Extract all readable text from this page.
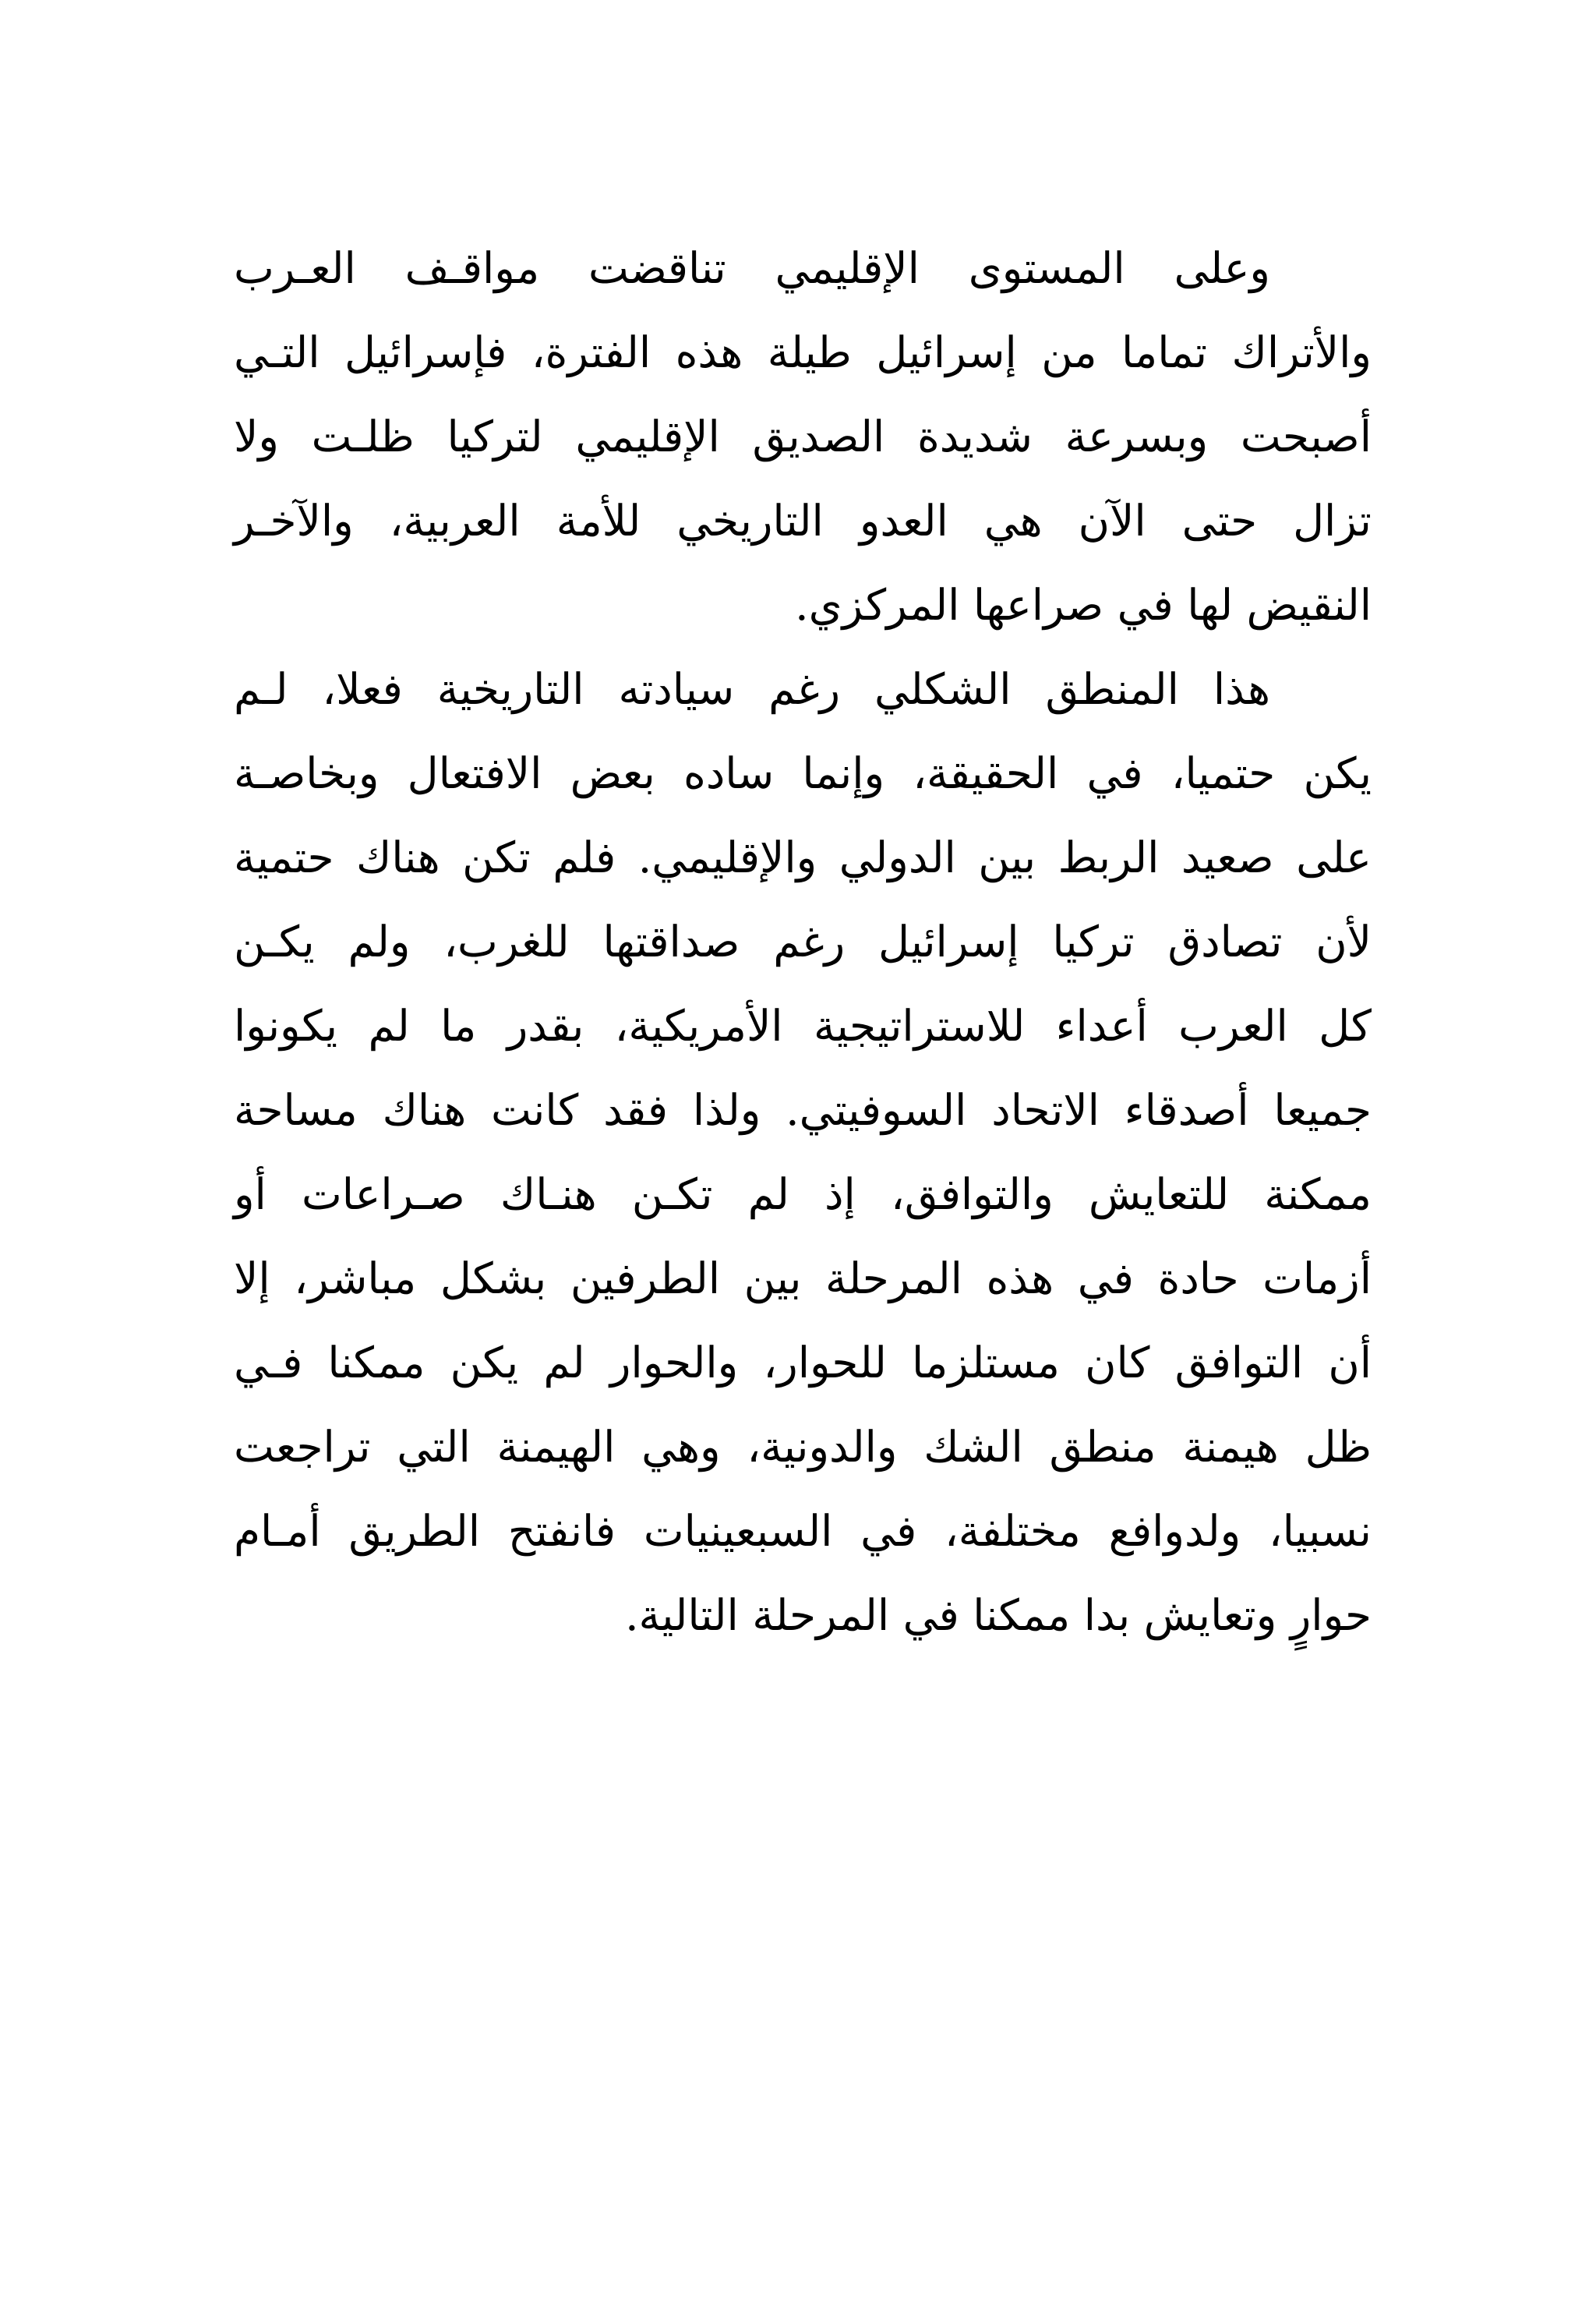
وعلى المستوى الإقليمي تناقضت مواقـف العـرب
والأتراك تماما من إسرائيل طيلة هذه الفترة، فإسرائيل التـي
أصبحت وبسرعة شديدة الصديق الإقليمي لتركيا ظلـت ولا
تزال حتى الآن هي العدو التاريخي للأمة العربية، والآخـر
النقيض لها في صراعها المركزي.
هذا المنطق الشكلي رغم سيادته التاريخية فعلا، لـم
يكن حتميا، في الحقيقة، وإنما ساده بعض الافتعال وبخاصـة
على صعيد الربط بين الدولي والإقليمي. فلم تكن هناك حتمية
لأن تصادق تركيا إسرائيل رغم صداقتها للغرب، ولم يكـن
كل العرب أعداء للاستراتيجية الأمريكية، بقدر ما لم يكونوا
جميعا أصدقاء الاتحاد السوفيتي. ولذا فقد كانت هناك مساحة
ممكنة للتعايش والتوافق، إذ لم تكـن هنـاك صـراعات أو
أزمات حادة في هذه المرحلة بين الطرفين بشكل مباشر، إلا
أن التوافق كان مستلزما للحوار، والحوار لم يكن ممكنا فـي
ظل هيمنة منطق الشك والدونية، وهي الهيمنة التي تراجعت
نسبيا، ولدوافع مختلفة، في السبعينيات فانفتح الطريق أمـام
حوارٍ وتعايش بدا ممكنا في المرحلة التالية.
